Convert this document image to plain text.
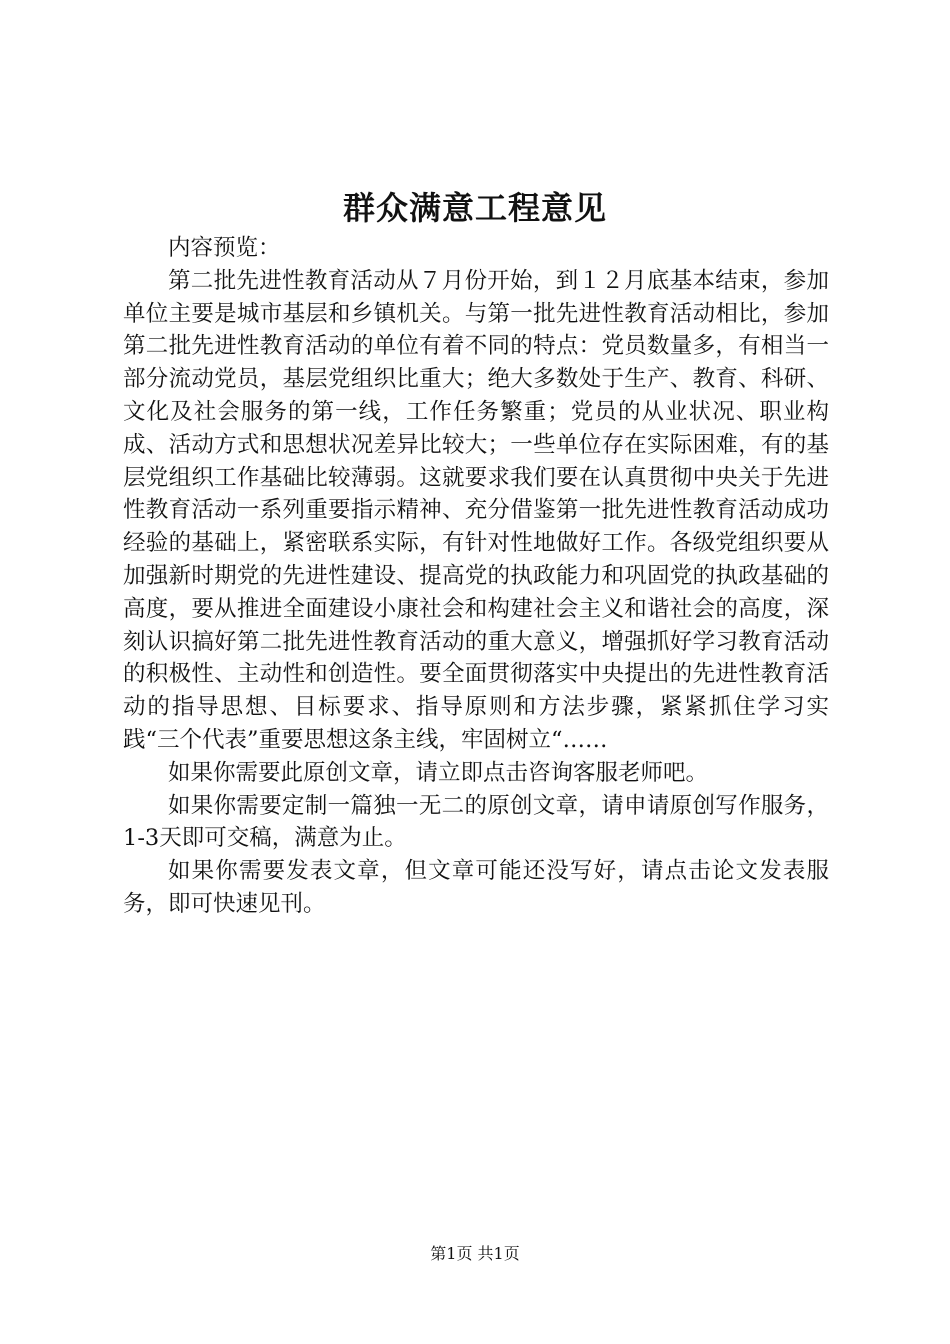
群众满意工程意见

内容预览：

第二批先进性教育活动从７月份开始，到１２月底基本结束，参加单位主要是城市基层和乡镇机关。与第一批先进性教育活动相比，参加第二批先进性教育活动的单位有着不同的特点：党员数量多，有相当一部分流动党员，基层党组织比重大；绝大多数处于生产、教育、科研、文化及社会服务的第一线，工作任务繁重；党员的从业状况、职业构成、活动方式和思想状况差异比较大；一些单位存在实际困难，有的基层党组织工作基础比较薄弱。这就要求我们要在认真贯彻中央关于先进性教育活动一系列重要指示精神、充分借鉴第一批先进性教育活动成功经验的基础上，紧密联系实际，有针对性地做好工作。各级党组织要从加强新时期党的先进性建设、提高党的执政能力和巩固党的执政基础的高度，要从推进全面建设小康社会和构建社会主义和谐社会的高度，深刻认识搞好第二批先进性教育活动的重大意义，增强抓好学习教育活动的积极性、主动性和创造性。要全面贯彻落实中央提出的先进性教育活动的指导思想、目标要求、指导原则和方法步骤，紧紧抓住学习实践“三个代表”重要思想这条主线，牢固树立“……

如果你需要此原创文章，请立即点击咨询客服老师吧。

如果你需要定制一篇独一无二的原创文章，请申请原创写作服务，1-3天即可交稿，满意为止。

如果你需要发表文章，但文章可能还没写好，请点击论文发表服务，即可快速见刊。

第1页 共1页
